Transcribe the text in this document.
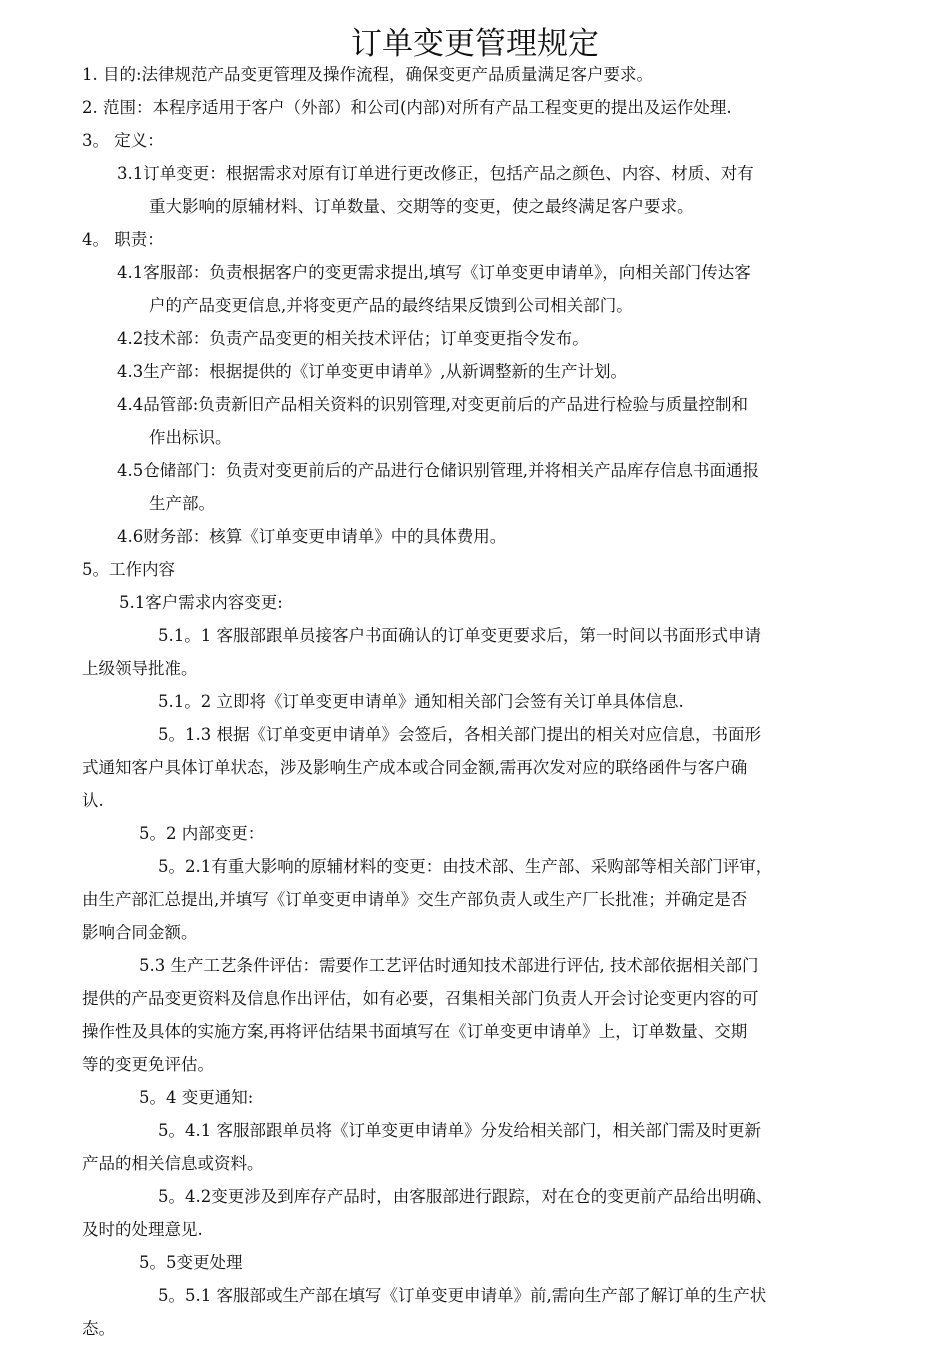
订单变更管理规定
1. 目的:法律规范产品变更管理及操作流程，确保变更产品质量满足客户要求。
2. 范围：本程序适用于客户（外部）和公司(内部)对所有产品工程变更的提出及运作处理.
3。 定义：
3.1订单变更：根据需求对原有订单进行更改修正，包括产品之颜色、内容、材质、对有
重大影响的原辅材料、订单数量、交期等的变更，使之最终满足客户要求。
4。 职责：
4.1客服部：负责根据客户的变更需求提出,填写《订单变更申请单》，向相关部门传达客
户的产品变更信息,并将变更产品的最终结果反馈到公司相关部门。
4.2技术部：负责产品变更的相关技术评估；订单变更指令发布。
4.3生产部：根据提供的《订单变更申请单》,从新调整新的生产计划。
4.4品管部:负责新旧产品相关资料的识别管理,对变更前后的产品进行检验与质量控制和
作出标识。
4.5仓储部门：负责对变更前后的产品进行仓储识别管理,并将相关产品库存信息书面通报
生产部。
4.6财务部：核算《订单变更申请单》中的具体费用。
5。工作内容
5.1客户需求内容变更:
5.1。1 客服部跟单员接客户书面确认的订单变更要求后，第一时间以书面形式申请
上级领导批准。
5.1。2 立即将《订单变更申请单》通知相关部门会签有关订单具体信息.
5。1.3 根据《订单变更申请单》会签后，各相关部门提出的相关对应信息，书面形
式通知客户具体订单状态，涉及影响生产成本或合同金额,需再次发对应的联络函件与客户确
认.
5。2 内部变更：
5。2.1有重大影响的原辅材料的变更：由技术部、生产部、采购部等相关部门评审，
由生产部汇总提出,并填写《订单变更申请单》交生产部负责人或生产厂长批准；并确定是否
影响合同金额。
5.3 生产工艺条件评估：需要作工艺评估时通知技术部进行评估, 技术部依据相关部门
提供的产品变更资料及信息作出评估，如有必要，召集相关部门负责人开会讨论变更内容的可
操作性及具体的实施方案,再将评估结果书面填写在《订单变更申请单》上，订单数量、交期
等的变更免评估。
5。4 变更通知:
5。4.1 客服部跟单员将《订单变更申请单》分发给相关部门，相关部门需及时更新
产品的相关信息或资料。
5。4.2变更涉及到库存产品时，由客服部进行跟踪，对在仓的变更前产品给出明确、
及时的处理意见.
5。5变更处理
5。5.1 客服部或生产部在填写《订单变更申请单》前,需向生产部了解订单的生产状
态。
